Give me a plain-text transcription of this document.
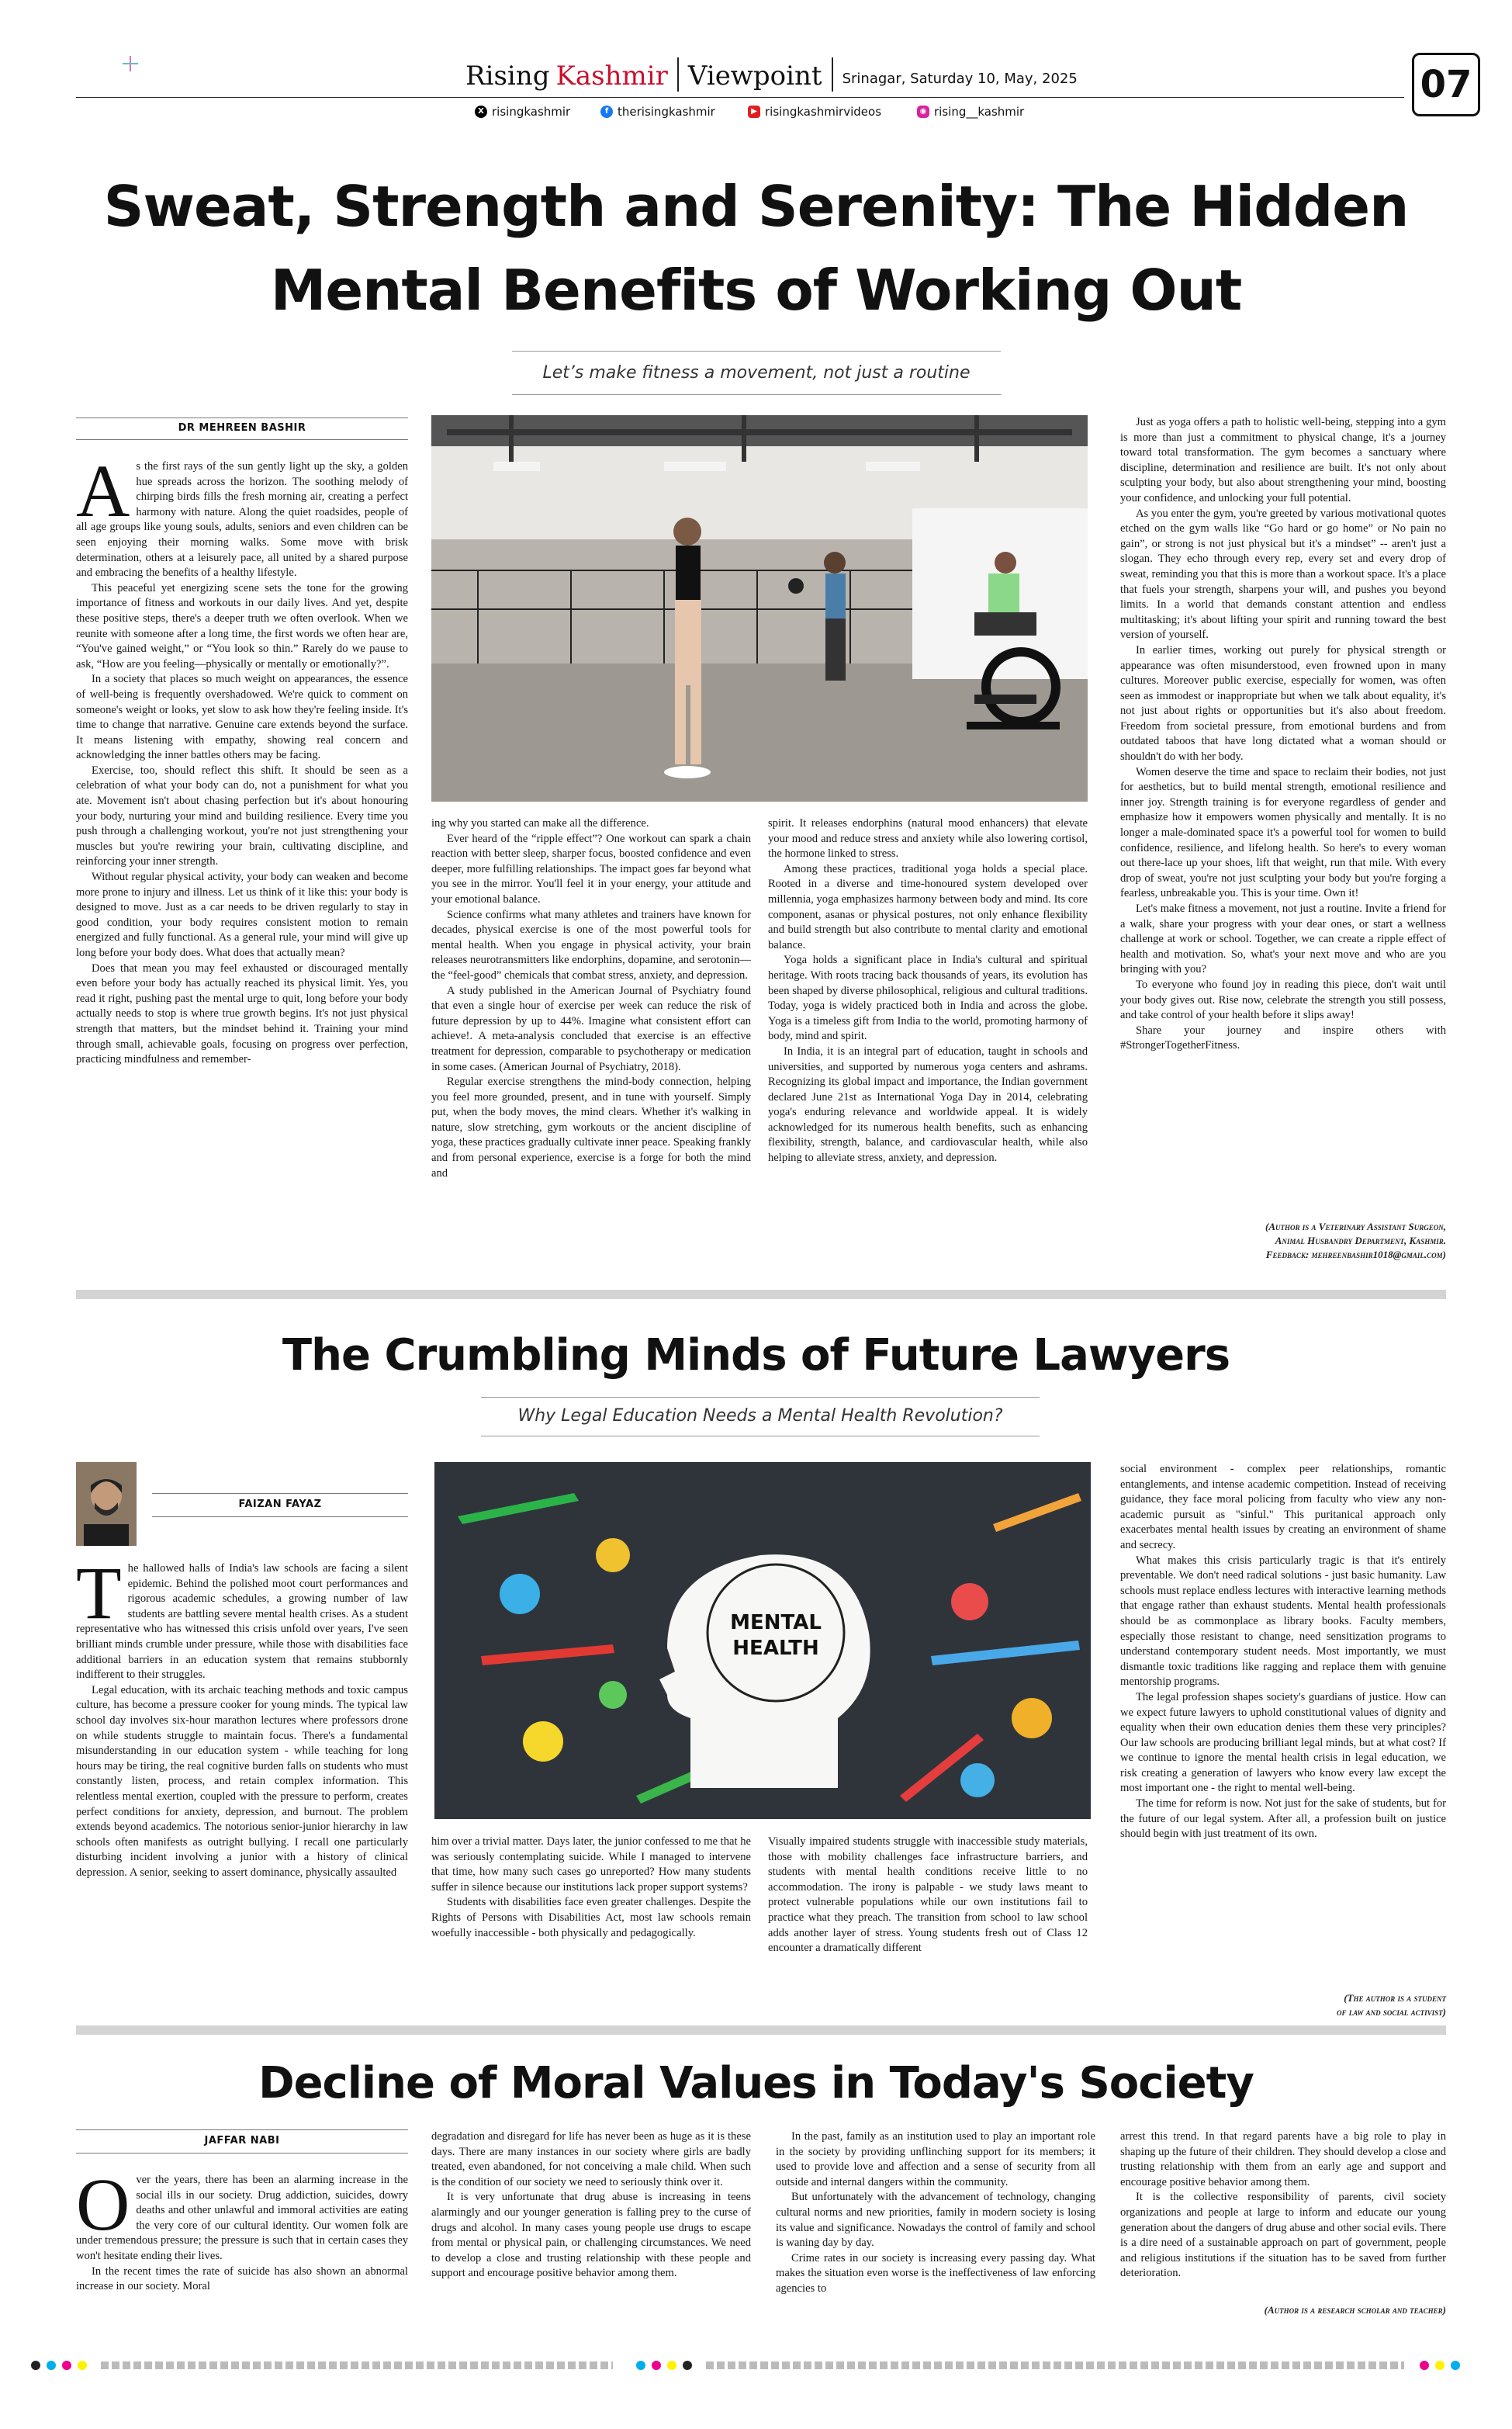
Rising Kashmir
Viewpoint
Srinagar, Saturday 10, May, 2025	07
X risingkashmir	f therisingkashmir	▶ risingkashmirvideos	◉ rising__kashmir
Sweat, Strength and Serenity: The Hidden
Mental Benefits of Working Out
Let’s make fitness a movement, not just a routine
DR MEHREEN BASHIR

As the first rays of the sun gently light up the sky, a golden hue spreads across the horizon. The soothing melody of chirping birds fills the fresh morning air, creating a perfect harmony with nature. Along the quiet roadsides, people of all age groups like young souls, adults, seniors and even children can be seen enjoying their morning walks. Some move with brisk determination, others at a leisurely pace, all united by a shared purpose and embracing the benefits of a healthy lifestyle.

This peaceful yet energizing scene sets the tone for the growing importance of fitness and workouts in our daily lives. And yet, despite these positive steps, there's a deeper truth we often overlook. When we reunite with someone after a long time, the first words we often hear are, “You've gained weight,” or “You look so thin.” Rarely do we pause to ask, “How are you feeling—physically or mentally or emotionally?”.

In a society that places so much weight on appearances, the essence of well-being is frequently overshadowed. We're quick to comment on someone's weight or looks, yet slow to ask how they're feeling inside. It's time to change that narrative. Genuine care extends beyond the surface. It means listening with empathy, showing real concern and acknowledging the inner battles others may be facing.

Exercise, too, should reflect this shift. It should be seen as a celebration of what your body can do, not a punishment for what you ate. Movement isn't about chasing perfection but it's about honouring your body, nurturing your mind and building resilience. Every time you push through a challenging workout, you're not just strengthening your muscles but you're rewiring your brain, cultivating discipline, and reinforcing your inner strength.

Without regular physical activity, your body can weaken and become more prone to injury and illness. Let us think of it like this: your body is designed to move. Just as a car needs to be driven regularly to stay in good condition, your body requires consistent motion to remain energized and fully functional. As a general rule, your mind will give up long before your body does. What does that actually mean?

Does that mean you may feel exhausted or discouraged mentally even before your body has actually reached its physical limit. Yes, you read it right, pushing past the mental urge to quit, long before your body actually needs to stop is where true growth begins. It's not just physical strength that matters, but the mindset behind it. Training your mind through small, achievable goals, focusing on progress over perfection, practicing mindfulness and remember-

ing why you started can make all the difference.

Ever heard of the “ripple effect”? One workout can spark a chain reaction with better sleep, sharper focus, boosted confidence and even deeper, more fulfilling relationships. The impact goes far beyond what you see in the mirror. You'll feel it in your energy, your attitude and your emotional balance.

Science confirms what many athletes and trainers have known for decades, physical exercise is one of the most powerful tools for mental health. When you engage in physical activity, your brain releases neurotransmitters like endorphins, dopamine, and serotonin—the “feel-good” chemicals that combat stress, anxiety, and depression.

A study published in the American Journal of Psychiatry found that even a single hour of exercise per week can reduce the risk of future depression by up to 44%. Imagine what consistent effort can achieve!. A meta-analysis concluded that exercise is an effective treatment for depression, comparable to psychotherapy or medication in some cases. (American Journal of Psychiatry, 2018).

Regular exercise strengthens the mind-body connection, helping you feel more grounded, present, and in tune with yourself. Simply put, when the body moves, the mind clears. Whether it's walking in nature, slow stretching, gym workouts or the ancient discipline of yoga, these practices gradually cultivate inner peace. Speaking frankly and from personal experience, exercise is a forge for both the mind and

spirit. It releases endorphins (natural mood enhancers) that elevate your mood and reduce stress and anxiety while also lowering cortisol, the hormone linked to stress.

Among these practices, traditional yoga holds a special place. Rooted in a diverse and time-honoured system developed over millennia, yoga emphasizes harmony between body and mind. Its core component, asanas or physical postures, not only enhance flexibility and build strength but also contribute to mental clarity and emotional balance.

Yoga holds a significant place in India's cultural and spiritual heritage. With roots tracing back thousands of years, its evolution has been shaped by diverse philosophical, religious and cultural traditions. Today, yoga is widely practiced both in India and across the globe. Yoga is a timeless gift from India to the world, promoting harmony of body, mind and spirit.

In India, it is an integral part of education, taught in schools and universities, and supported by numerous yoga centers and ashrams. Recognizing its global impact and importance, the Indian government declared June 21st as International Yoga Day in 2014, celebrating yoga's enduring relevance and worldwide appeal. It is widely acknowledged for its numerous health benefits, such as enhancing flexibility, strength, balance, and cardiovascular health, while also helping to alleviate stress, anxiety, and depression.

Just as yoga offers a path to holistic well-being, stepping into a gym is more than just a commitment to physical change, it's a journey toward total transformation. The gym becomes a sanctuary where discipline, determination and resilience are built. It's not only about sculpting your body, but also about strengthening your mind, boosting your confidence, and unlocking your full potential.

As you enter the gym, you're greeted by various motivational quotes etched on the gym walls like “Go hard or go home” or No pain no gain”, or strong is not just physical but it's a mindset” -- aren't just a slogan. They echo through every rep, every set and every drop of sweat, reminding you that this is more than a workout space. It's a place that fuels your strength, sharpens your will, and pushes you beyond limits. In a world that demands constant attention and endless multitasking; it's about lifting your spirit and running toward the best version of yourself.

In earlier times, working out purely for physical strength or appearance was often misunderstood, even frowned upon in many cultures. Moreover public exercise, especially for women, was often seen as immodest or inappropriate but when we talk about equality, it's not just about rights or opportunities but it's also about freedom. Freedom from societal pressure, from emotional burdens and from outdated taboos that have long dictated what a woman should or shouldn't do with her body.

Women deserve the time and space to reclaim their bodies, not just for aesthetics, but to build mental strength, emotional resilience and inner joy. Strength training is for everyone regardless of gender and emphasize how it empowers women physically and mentally. It is no longer a male-dominated space it's a powerful tool for women to build confidence, resilience, and lifelong health. So here's to every woman out there-lace up your shoes, lift that weight, run that mile. With every drop of sweat, you're not just sculpting your body but you're forging a fearless, unbreakable you. This is your time. Own it!

Let's make fitness a movement, not just a routine. Invite a friend for a walk, share your progress with your dear ones, or start a wellness challenge at work or school. Together, we can create a ripple effect of health and motivation. So, what's your next move and who are you bringing with you?

To everyone who found joy in reading this piece, don't wait until your body gives out. Rise now, celebrate the strength you still possess, and take control of your health before it slips away!

Share your journey and inspire others with #StrongerTogetherFitness.

(Author is a Veterinary Assistant Surgeon,
Animal Husbandry Department, Kashmir.
Feedback: mehreenbashir1018@gmail.com)
The Crumbling Minds of Future Lawyers
Why Legal Education Needs a Mental Health Revolution?
FAIZAN FAYAZ
MENTAL
HEALTH

The hallowed halls of India's law schools are facing a silent epidemic. Behind the polished moot court performances and rigorous academic schedules, a growing number of law students are battling severe mental health crises. As a student representative who has witnessed this crisis unfold over years, I've seen brilliant minds crumble under pressure, while those with disabilities face additional barriers in an education system that remains stubbornly indifferent to their struggles.

Legal education, with its archaic teaching methods and toxic campus culture, has become a pressure cooker for young minds. The typical law school day involves six-hour marathon lectures where professors drone on while students struggle to maintain focus. There's a fundamental misunderstanding in our education system - while teaching for long hours may be tiring, the real cognitive burden falls on students who must constantly listen, process, and retain complex information. This relentless mental exertion, coupled with the pressure to perform, creates perfect conditions for anxiety, depression, and burnout. The problem extends beyond academics. The notorious senior-junior hierarchy in law schools often manifests as outright bullying. I recall one particularly disturbing incident involving a junior with a history of clinical depression. A senior, seeking to assert dominance, physically assaulted

him over a trivial matter. Days later, the junior confessed to me that he was seriously contemplating suicide. While I managed to intervene that time, how many such cases go unreported? How many students suffer in silence because our institutions lack proper support systems?

Students with disabilities face even greater challenges. Despite the Rights of Persons with Disabilities Act, most law schools remain woefully inaccessible - both physically and pedagogically.

Visually impaired students struggle with inaccessible study materials, those with mobility challenges face infrastructure barriers, and students with mental health conditions receive little to no accommodation. The irony is palpable - we study laws meant to protect vulnerable populations while our own institutions fail to practice what they preach. The transition from school to law school adds another layer of stress. Young students fresh out of Class 12 encounter a dramatically different

social environment - complex peer relationships, romantic entanglements, and intense academic competition. Instead of receiving guidance, they face moral policing from faculty who view any non-academic pursuit as "sinful." This puritanical approach only exacerbates mental health issues by creating an environment of shame and secrecy.

What makes this crisis particularly tragic is that it's entirely preventable. We don't need radical solutions - just basic humanity. Law schools must replace endless lectures with interactive learning methods that engage rather than exhaust students. Mental health professionals should be as commonplace as library books. Faculty members, especially those resistant to change, need sensitization programs to understand contemporary student needs. Most importantly, we must dismantle toxic traditions like ragging and replace them with genuine mentorship programs.

The legal profession shapes society's guardians of justice. How can we expect future lawyers to uphold constitutional values of dignity and equality when their own education denies them these very principles? Our law schools are producing brilliant legal minds, but at what cost? If we continue to ignore the mental health crisis in legal education, we risk creating a generation of lawyers who know every law except the most important one - the right to mental well-being.

The time for reform is now. Not just for the sake of students, but for the future of our legal system. After all, a profession built on justice should begin with just treatment of its own.

(The author is a student
of law and social activist)
Decline of Moral Values in Today's Society
JAFFAR NABI

Over the years, there has been an alarming increase in the social ills in our society. Drug addiction, suicides, dowry deaths and other unlawful and immoral activities are eating the very core of our cultural identity. Our women folk are under tremendous pressure; the pressure is such that in certain cases they won't hesitate ending their lives.

In the recent times the rate of suicide has also shown an abnormal increase in our society. Moral

degradation and disregard for life has never been as huge as it is these days. There are many instances in our society where girls are badly treated, even abandoned, for not conceiving a male child. When such is the condition of our society we need to seriously think over it.

It is very unfortunate that drug abuse is increasing in teens alarmingly and our younger generation is falling prey to the curse of drugs and alcohol. In many cases young people use drugs to escape from mental or physical pain, or challenging circumstances. We need to develop a close and trusting relationship with these people and support and encourage positive behavior among them.

In the past, family as an institution used to play an important role in the society by providing unflinching support for its members; it used to provide love and affection and a sense of security from all outside and internal dangers within the community.

But unfortunately with the advancement of technology, changing cultural norms and new priorities, family in modern society is losing its value and significance. Nowadays the control of family and school is waning day by day.

Crime rates in our society is increasing every passing day. What makes the situation even worse is the ineffectiveness of law enforcing agencies to

arrest this trend. In that regard parents have a big role to play in shaping up the future of their children. They should develop a close and trusting relationship with them from an early age and support and encourage positive behavior among them.

It is the collective responsibility of parents, civil society organizations and people at large to inform and educate our young generation about the dangers of drug abuse and other social evils. There is a dire need of a sustainable approach on part of government, people and religious institutions if the situation has to be saved from further deterioration.

(Author is a research scholar and teacher)
